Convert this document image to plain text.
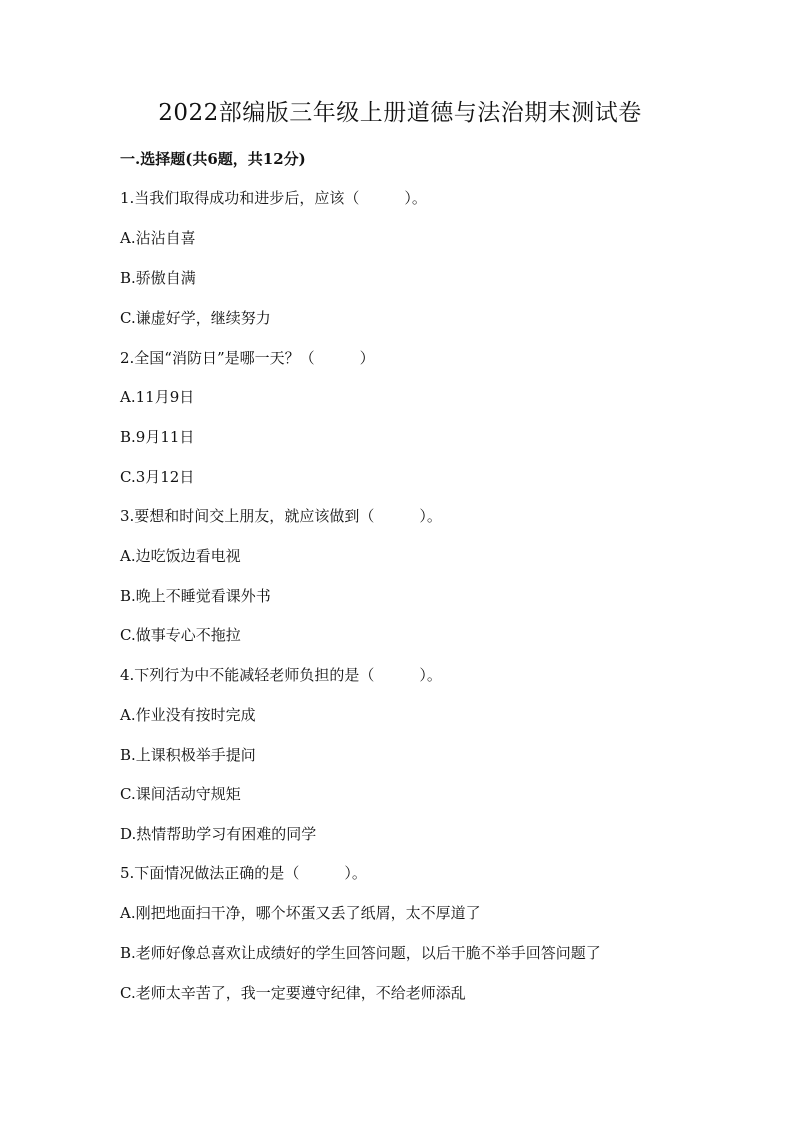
2022部编版三年级上册道德与法治期末测试卷
一.选择题(共6题，共12分)
1.当我们取得成功和进步后，应该（　　　）。
A.沾沾自喜
B.骄傲自满
C.谦虚好学，继续努力
2.全国“消防日”是哪一天？（　　　）
A.11月9日
B.9月11日
C.3月12日
3.要想和时间交上朋友，就应该做到（　　　）。
A.边吃饭边看电视
B.晚上不睡觉看课外书
C.做事专心不拖拉
4.下列行为中不能减轻老师负担的是（　　　）。
A.作业没有按时完成
B.上课积极举手提问
C.课间活动守规矩
D.热情帮助学习有困难的同学
5.下面情况做法正确的是（　　　）。
A.刚把地面扫干净，哪个坏蛋又丢了纸屑，太不厚道了
B.老师好像总喜欢让成绩好的学生回答问题，以后干脆不举手回答问题了
C.老师太辛苦了，我一定要遵守纪律，不给老师添乱
